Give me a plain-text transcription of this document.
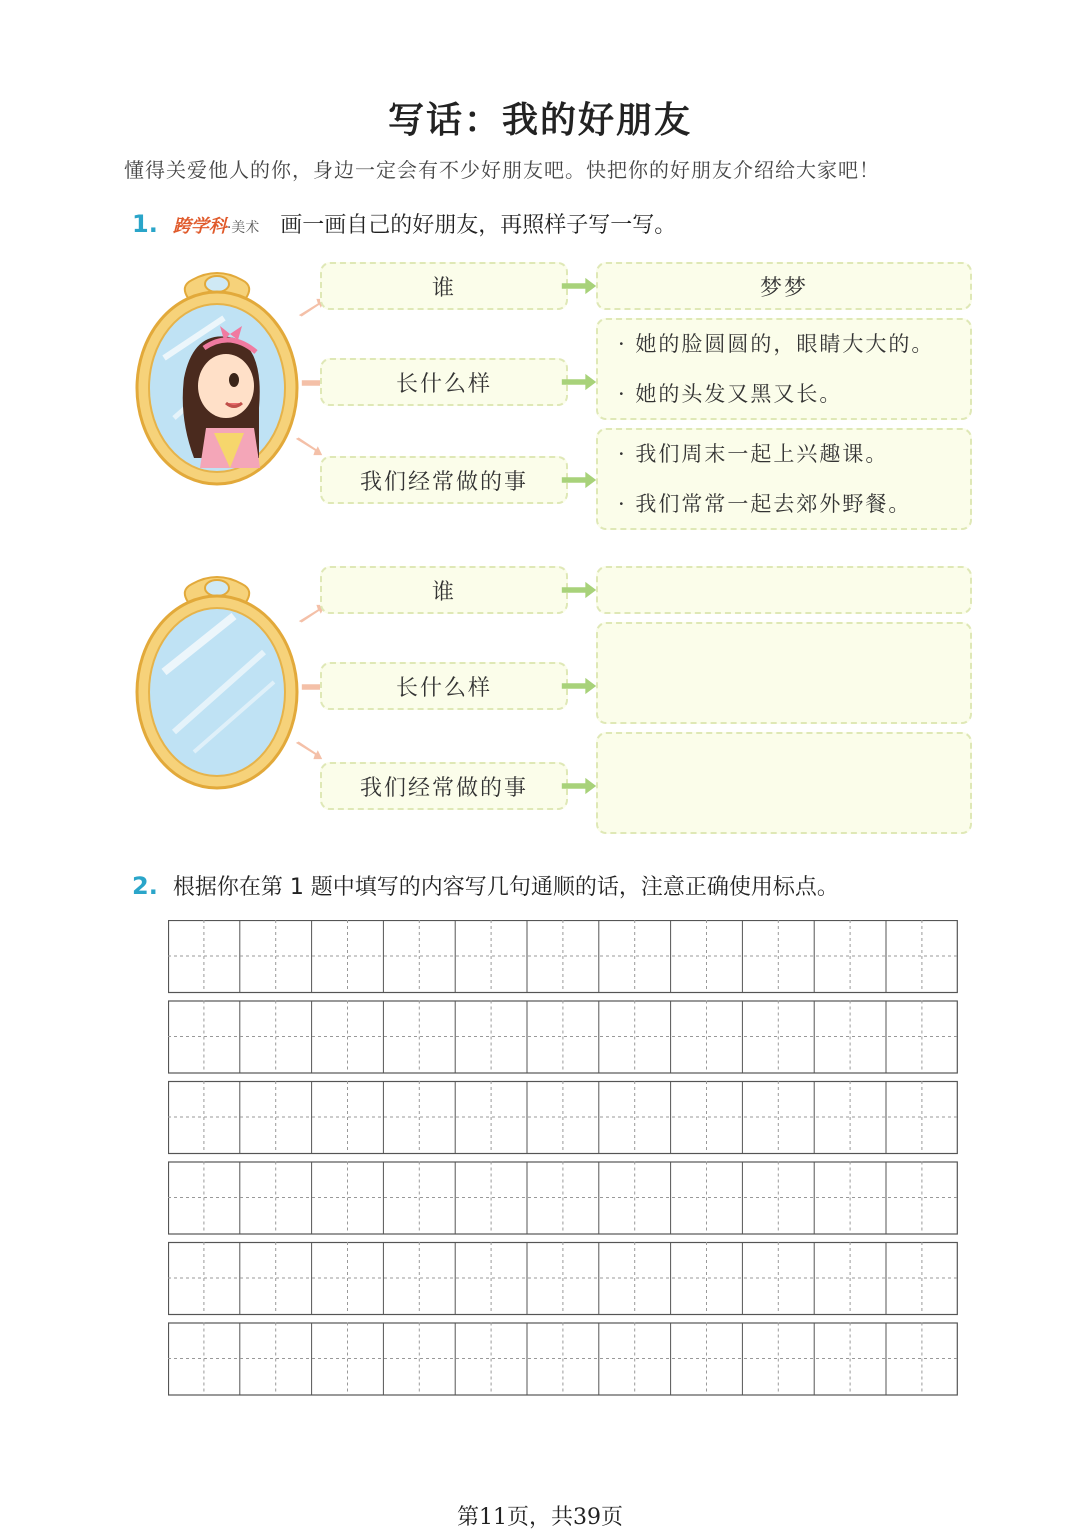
写话：我的好朋友
懂得关爱他人的你，身边一定会有不少好朋友吧。快把你的好朋友介绍给大家吧！
1. 跨学科·美术 画一画自己的好朋友，再照样子写一写。
谁
长什么样
我们经常做的事
梦梦
· 她的脸圆圆的，眼睛大大的。
· 她的头发又黑又长。
· 我们周末一起上兴趣课。
· 我们常常一起去郊外野餐。
谁
长什么样
我们经常做的事
2. 根据你在第 1 题中填写的内容写几句通顺的话，注意正确使用标点。
第11页，共39页
